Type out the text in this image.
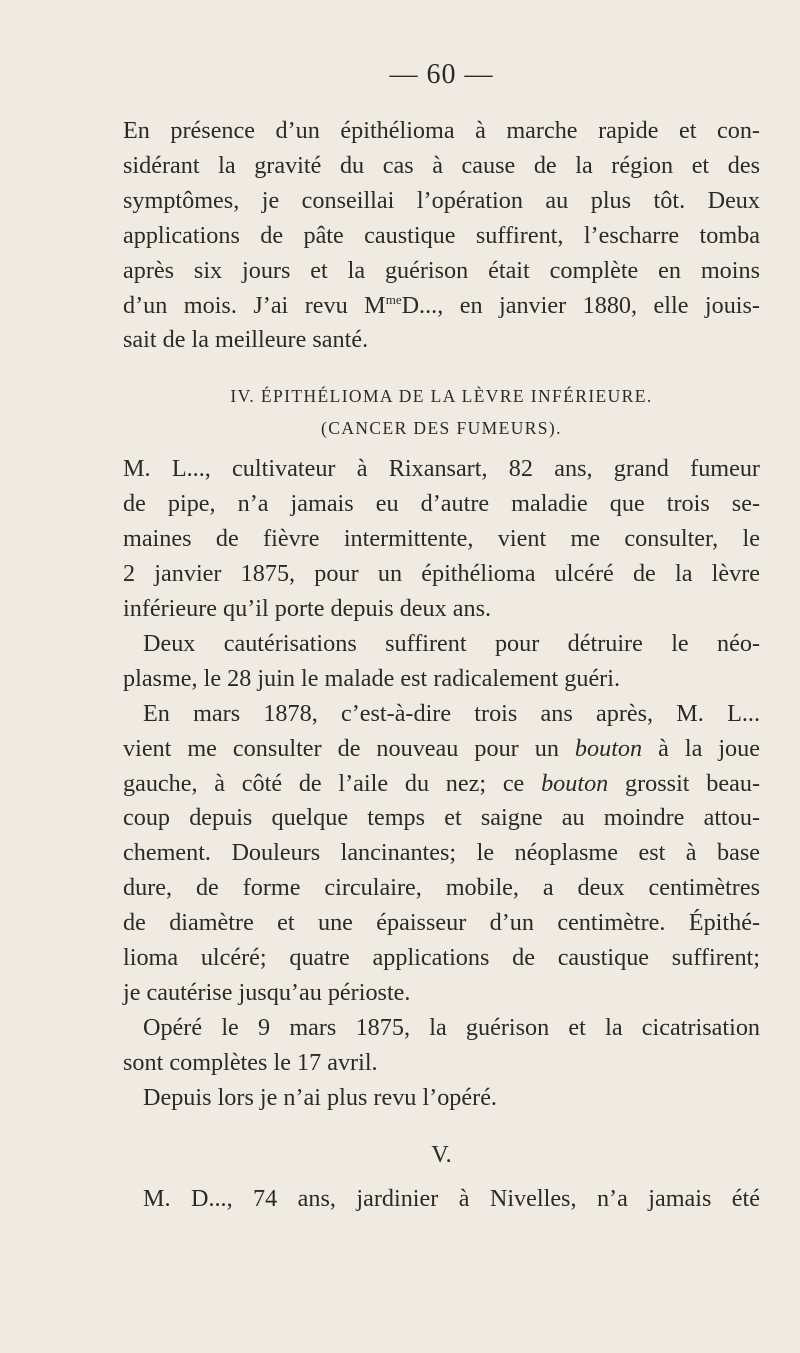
— 60 —

En présence d’un épithélioma à marche rapide et con-
sidérant la gravité du cas à cause de la région et des
symptômes, je conseillai l’opération au plus tôt. Deux
applications de pâte caustique suffirent, l’escharre tomba
après six jours et la guérison était complète en moins
d’un mois. J’ai revu $M^{me}D$..., en janvier 1880, elle jouis-
sait de la meilleure santé.

IV. ÉPITHÉLIOMA DE LA LÈVRE INFÉRIEURE.

(CANCER DES FUMEURS).

M. L..., cultivateur à Rixansart, 82 ans, grand fumeur
de pipe, n’a jamais eu d’autre maladie que trois se-
maines de fièvre intermittente, vient me consulter, le
2 janvier 1875, pour un épithélioma ulcéré de la lèvre
inférieure qu’il porte depuis deux ans.

Deux cautérisations suffirent pour détruire le néo-
plasme, le 28 juin le malade est radicalement guéri.

En mars 1878, c’est-à-dire trois ans après, M. L...
vient me consulter de nouveau pour un bouton à la joue
gauche, à côté de l’aile du nez; ce bouton grossit beau-
coup depuis quelque temps et saigne au moindre attou-
chement. Douleurs lancinantes; le néoplasme est à base
dure, de forme circulaire, mobile, a deux centimètres
de diamètre et une épaisseur d’un centimètre. Épithé-
lioma ulcéré; quatre applications de caustique suffirent;
je cautérise jusqu’au périoste.

Opéré le 9 mars 1875, la guérison et la cicatrisation
sont complètes le 17 avril.

Depuis lors je n’ai plus revu l’opéré.

V.

M. D..., 74 ans, jardinier à Nivelles, n’a jamais été
